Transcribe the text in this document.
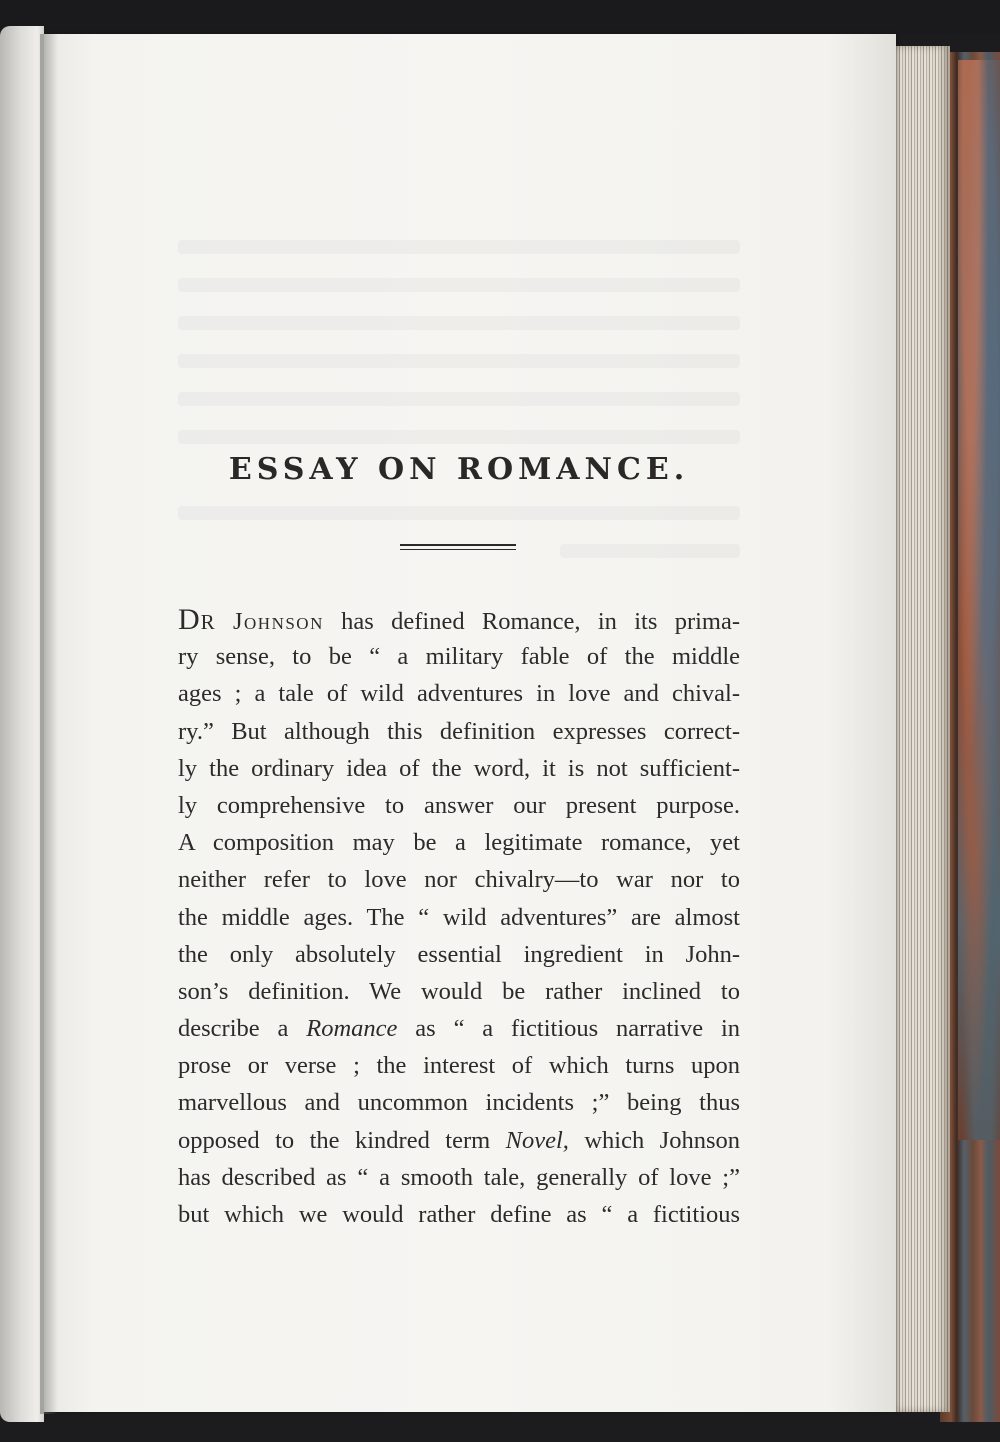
ESSAY ON ROMANCE.
Dr Johnson has defined Romance, in its prima-
ry sense, to be “ a military fable of the middle
ages ; a tale of wild adventures in love and chival-
ry.” But although this definition expresses correct-
ly the ordinary idea of the word, it is not sufficient-
ly comprehensive to answer our present purpose.
A composition may be a legitimate romance, yet
neither refer to love nor chivalry—to war nor to
the middle ages. The “ wild adventures” are almost
the only absolutely essential ingredient in John-
son’s definition. We would be rather inclined to
describe a Romance as “ a fictitious narrative in
prose or verse ; the interest of which turns upon
marvellous and uncommon incidents ;” being thus
opposed to the kindred term Novel, which Johnson
has described as “ a smooth tale, generally of love ;”
but which we would rather define as “ a fictitious
